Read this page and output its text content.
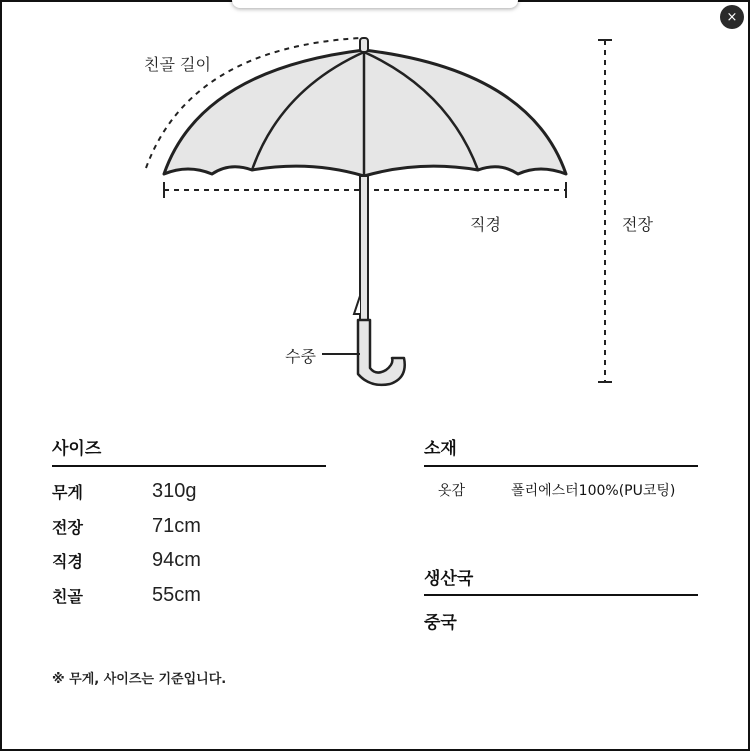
×
친골 길이
직경	전장
수중
사이즈
무게	310g
전장	71cm
직경	94cm
친골	55cm
소재
옷감	폴리에스터100%(PU코팅)
생산국
중국
※ 무게, 사이즈는 기준입니다.
